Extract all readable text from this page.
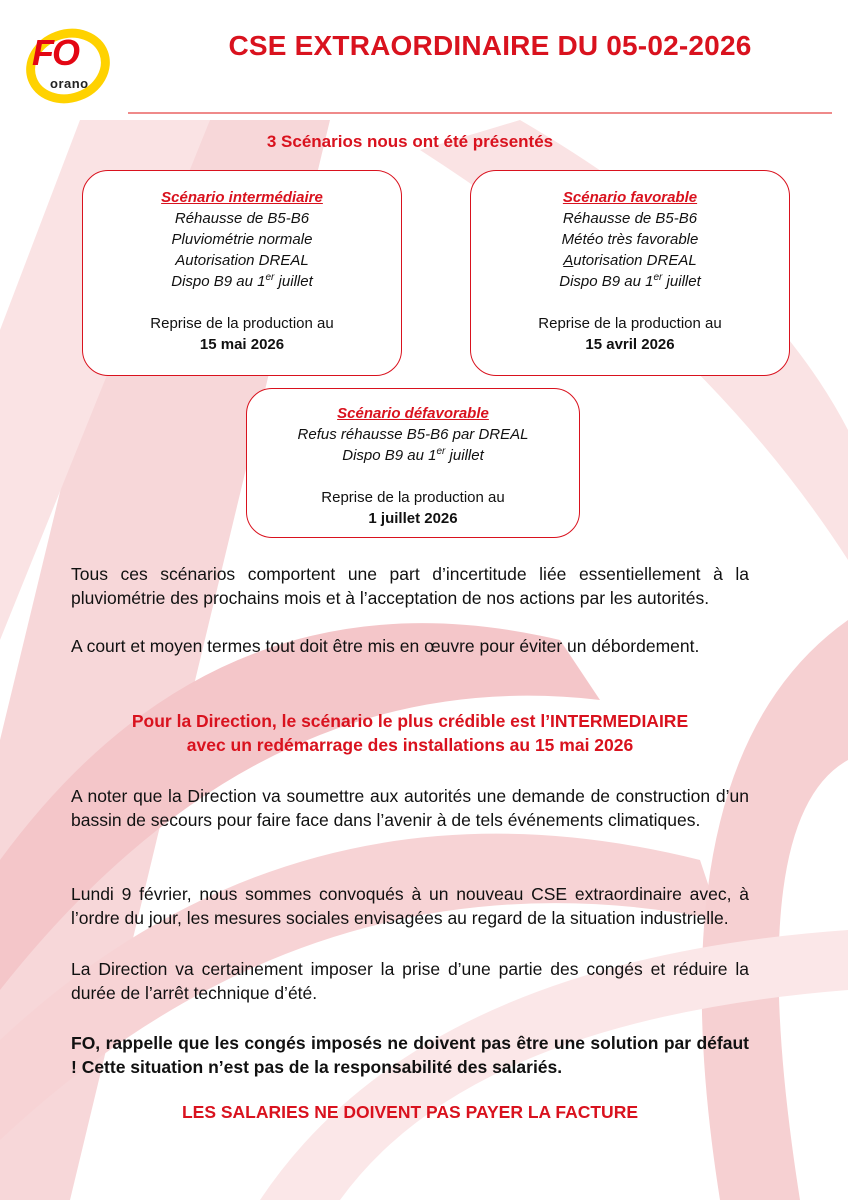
FO
orano
CSE EXTRAORDINAIRE DU 05-02-2026
3 Scénarios nous ont été présentés
Scénario intermédiaire
Réhausse de B5-B6
Pluviométrie normale
Autorisation DREAL
Dispo B9 au 1er juillet
Reprise de la production au
15 mai 2026
Scénario favorable
Réhausse de B5-B6
Météo très favorable
Autorisation DREAL
Dispo B9 au 1er juillet
Reprise de la production au
15 avril 2026
Scénario défavorable
Refus réhausse B5-B6 par DREAL
Dispo B9 au 1er juillet
Reprise de la production au
1 juillet 2026

Tous ces scénarios comportent une part d’incertitude liée essentiellement à la pluviométrie des prochains mois et à l’acceptation de nos actions par les autorités.

A court et moyen termes tout doit être mis en œuvre pour éviter un débordement.

Pour la Direction, le scénario le plus crédible est l’INTERMEDIAIRE

avec un redémarrage des installations au 15 mai 2026

A noter que la Direction va soumettre aux autorités une demande de construction d’un bassin de secours pour faire face dans l’avenir à de tels événements climatiques.

Lundi 9 février, nous sommes convoqués à un nouveau CSE extraordinaire avec, à l’ordre du jour, les mesures sociales envisagées au regard de la situation industrielle.

La Direction va certainement imposer la prise d’une partie des congés et réduire la durée de l’arrêt technique d’été.

FO, rappelle que les congés imposés ne doivent pas être une solution par défaut ! Cette situation n’est pas de la responsabilité des salariés.

LES SALARIES NE DOIVENT PAS PAYER LA FACTURE
